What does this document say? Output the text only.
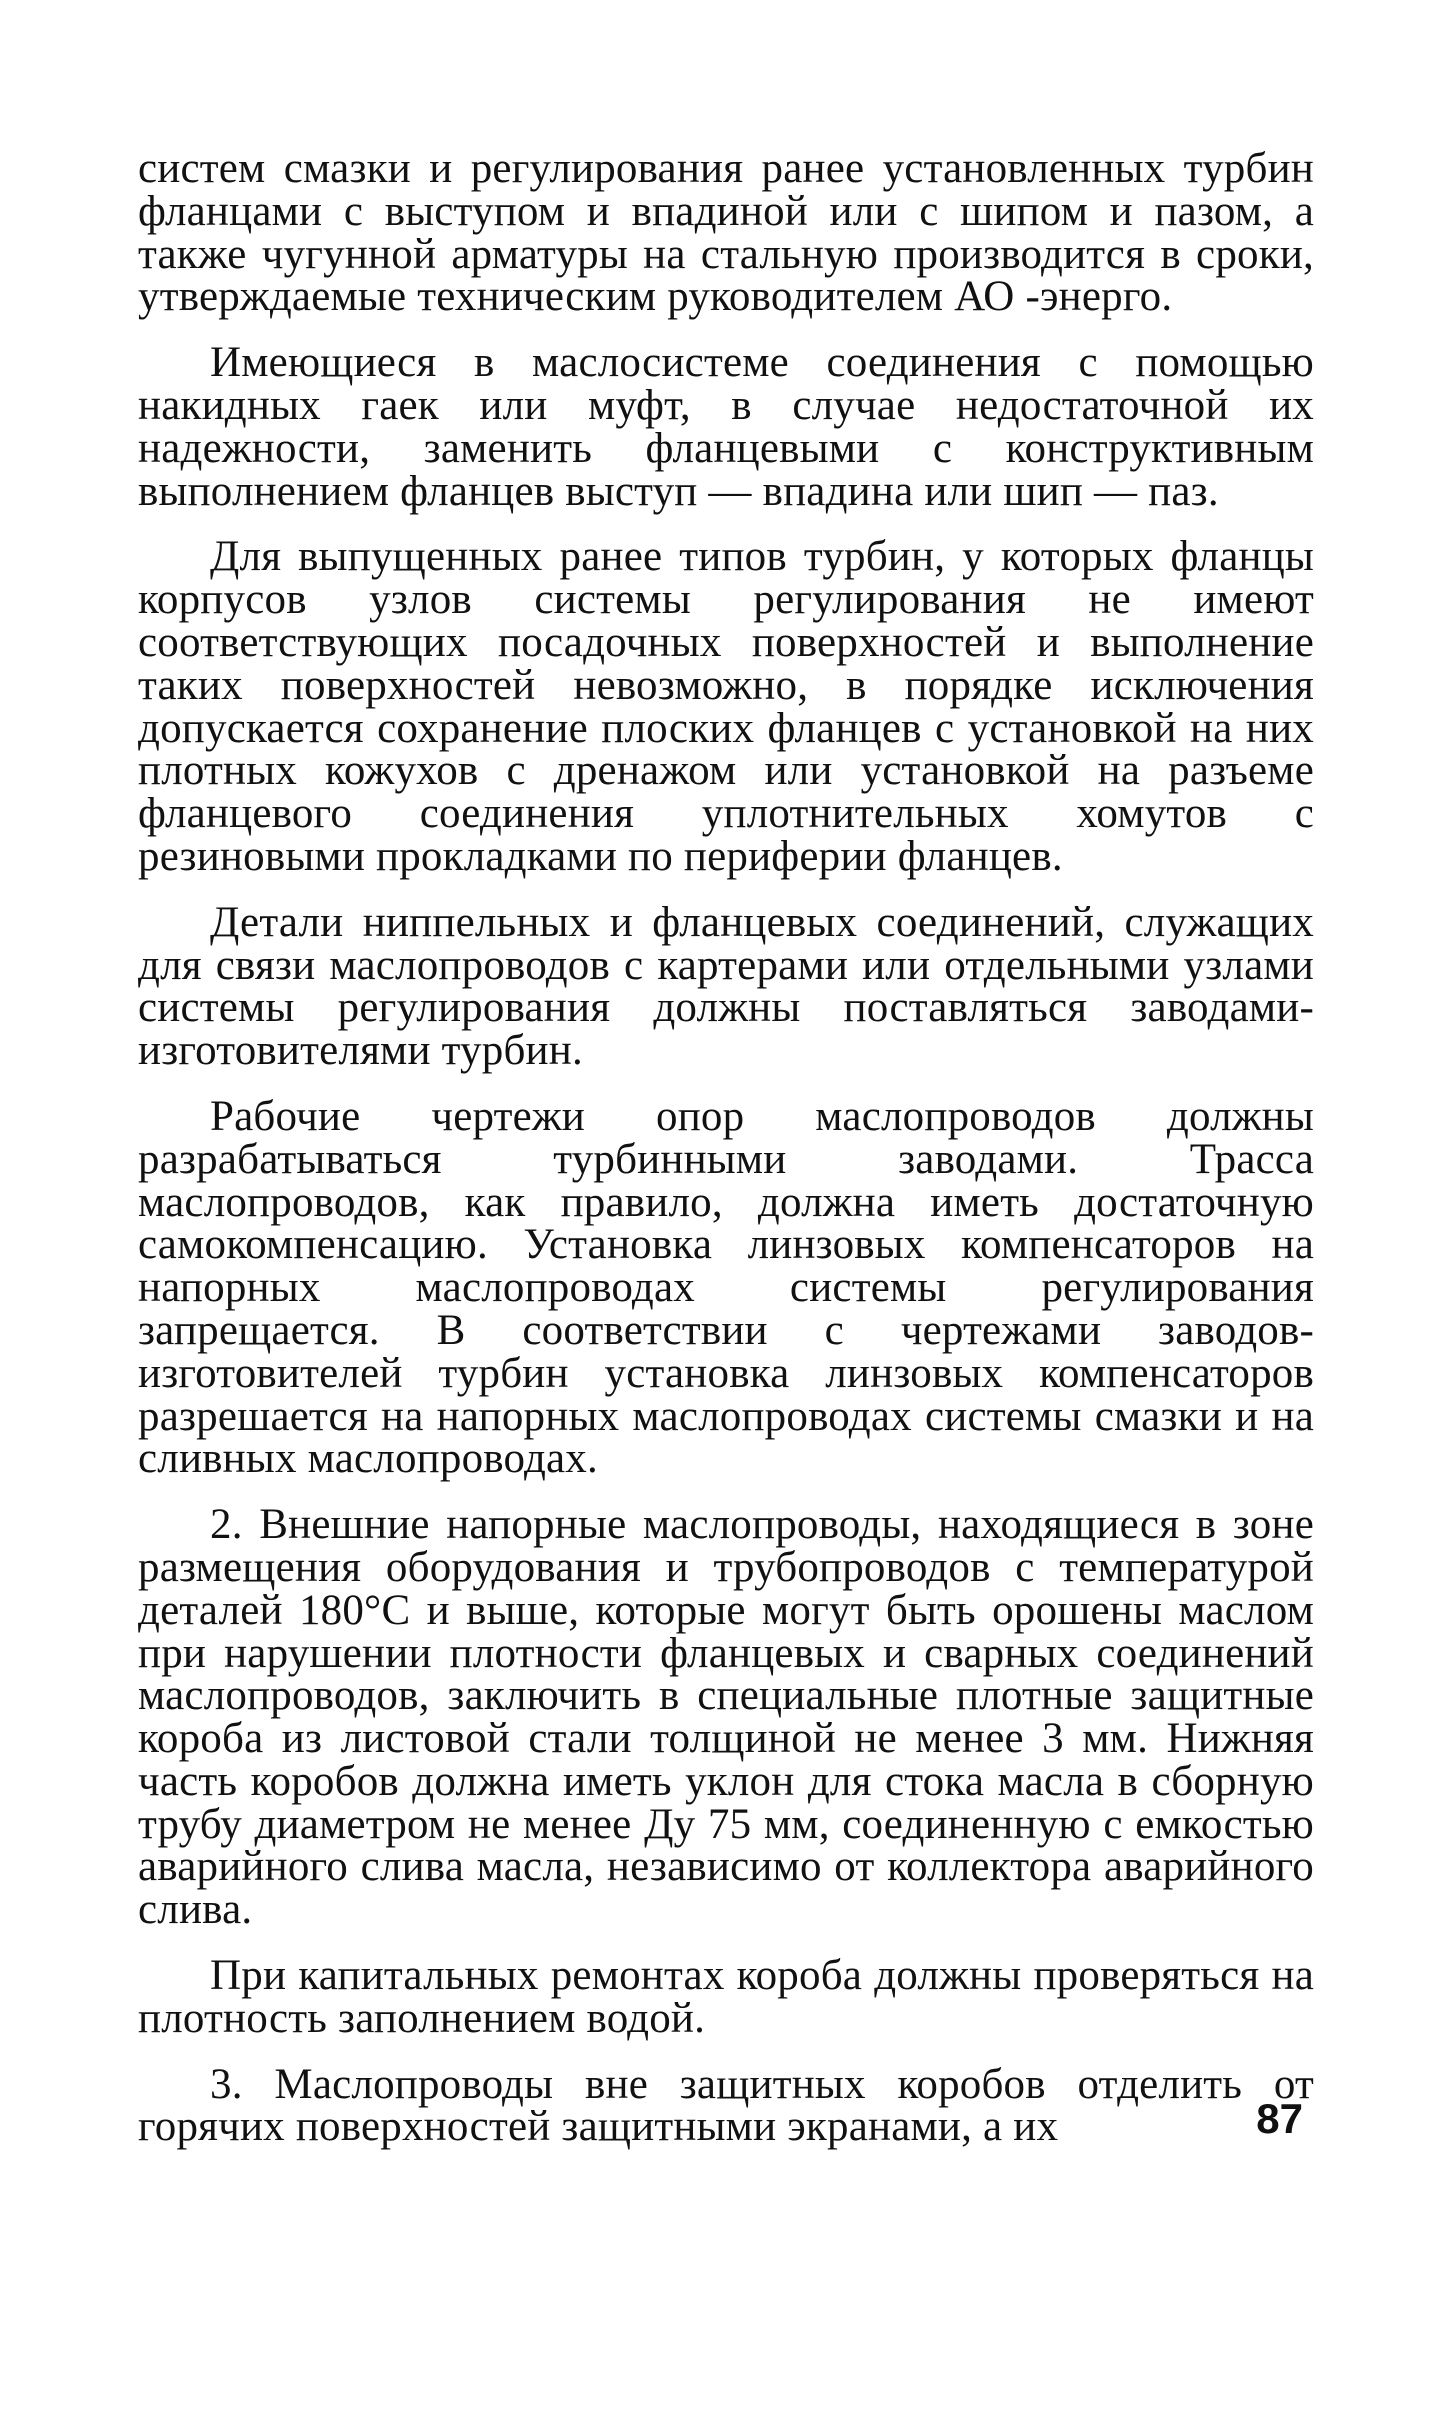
систем смазки и регулирования ранее установленных турбин фланцами с выступом и впадиной или с шипом и пазом, а также чугунной арматуры на стальную производится в сроки, утверждаемые техническим руководителем АО -энерго.

Имеющиеся в маслосистеме соединения с помощью накидных гаек или муфт, в случае недостаточной их надежности, заменить фланцевыми с конструктивным выполнением фланцев выступ — впадина или шип — паз.

Для выпущенных ранее типов турбин, у которых фланцы корпусов узлов системы регулирования не имеют соответствующих посадочных поверхностей и выполнение таких поверхностей невозможно, в порядке исключения допускается сохранение плоских фланцев с установкой на них плотных кожухов с дренажом или установкой на разъеме фланцевого соединения уплотнительных хомутов с резиновыми прокладками по периферии фланцев.

Детали ниппельных и фланцевых соединений, служащих для связи маслопроводов с картерами или отдельными узлами системы регулирования должны поставляться заводами-изготовителями турбин.

Рабочие чертежи опор маслопроводов должны разрабатываться турбинными заводами. Трасса маслопроводов, как правило, должна иметь достаточную самокомпенсацию. Установка линзовых компенсаторов на напорных маслопроводах системы регулирования запрещается. В соответствии с чертежами заводов-изготовителей турбин установка линзовых компенсаторов разрешается на напорных маслопроводах системы смазки и на сливных маслопроводах.

2. Внешние напорные маслопроводы, находящиеся в зоне размещения оборудования и трубопроводов с температурой деталей 180°С и выше, которые могут быть орошены маслом при нарушении плотности фланцевых и сварных соединений маслопроводов, заключить в специальные плотные защитные короба из листовой стали толщиной не менее 3 мм. Нижняя часть коробов должна иметь уклон для стока масла в сборную трубу диаметром не менее Ду 75 мм, соединенную с емкостью аварийного слива масла, независимо от коллектора аварийного слива.

При капитальных ремонтах короба должны проверяться на плотность заполнением водой.

3. Маслопроводы вне защитных коробов отделить от горячих поверхностей защитными экранами, а их	87
